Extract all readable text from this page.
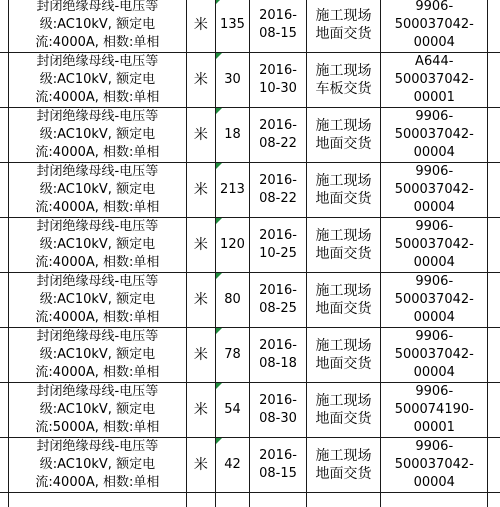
	封闭绝缘母线-电压等
级:AC10kV, 额定电
流:4000A, 相数:单相	米	135	2016-
08-15	施工现场
地面交货	9906-
500037042-
00004	

	封闭绝缘母线-电压等
级:AC10kV, 额定电
流:4000A, 相数:单相	米	30	2016-
10-30	施工现场
车板交货	A644-
500037042-
00001	

	封闭绝缘母线-电压等
级:AC10kV, 额定电
流:4000A, 相数:单相	米	18	2016-
08-22	施工现场
地面交货	9906-
500037042-
00004	

	封闭绝缘母线-电压等
级:AC10kV, 额定电
流:4000A, 相数:单相	米	213	2016-
08-22	施工现场
地面交货	9906-
500037042-
00004	

	封闭绝缘母线-电压等
级:AC10kV, 额定电
流:4000A, 相数:单相	米	120	2016-
10-25	施工现场
地面交货	9906-
500037042-
00004	

	封闭绝缘母线-电压等
级:AC10kV, 额定电
流:4000A, 相数:单相	米	80	2016-
08-25	施工现场
地面交货	9906-
500037042-
00004	

	封闭绝缘母线-电压等
级:AC10kV, 额定电
流:4000A, 相数:单相	米	78	2016-
08-18	施工现场
地面交货	9906-
500037042-
00004	

	封闭绝缘母线-电压等
级:AC10kV, 额定电
流:5000A, 相数:单相	米	54	2016-
08-30	施工现场
地面交货	9906-
500074190-
00001	

	封闭绝缘母线-电压等
级:AC10kV, 额定电
流:4000A, 相数:单相	米	42	2016-
08-15	施工现场
地面交货	9906-
500037042-
00004	
